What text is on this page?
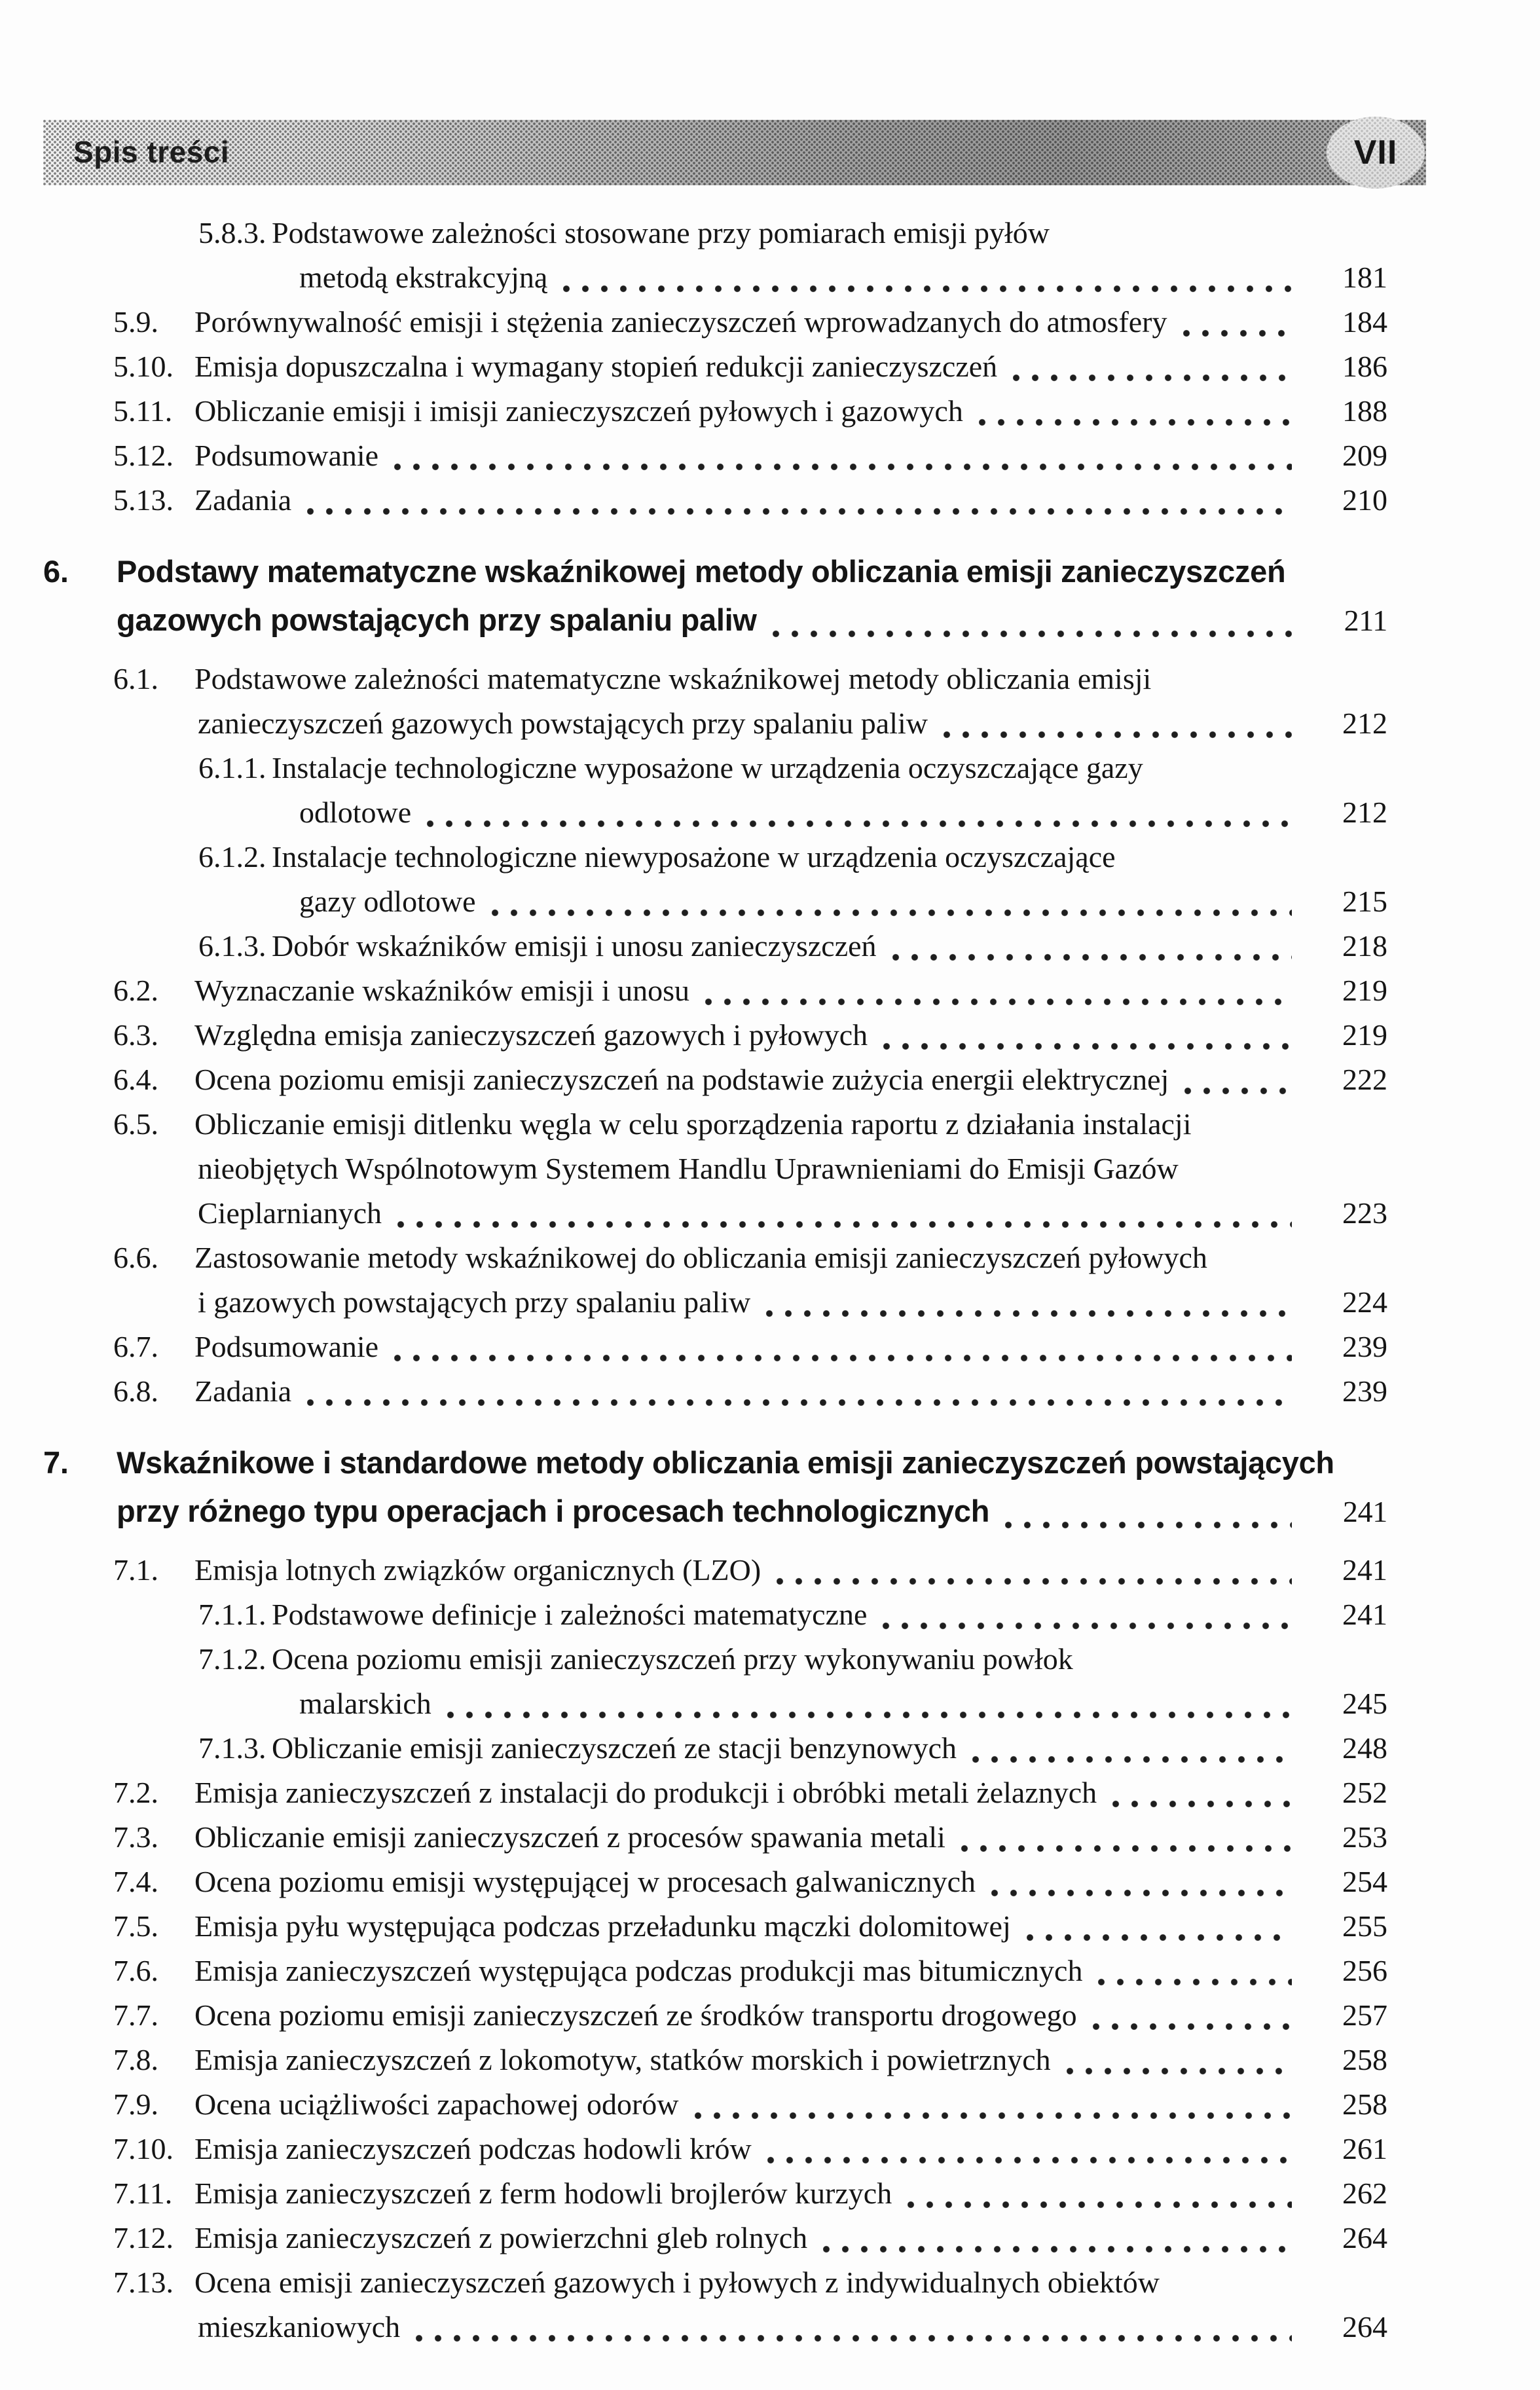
Spis treści	VII
5.8.3. Podstawowe zależności stosowane przy pomiarach emisji pyłów
metodą ekstrakcyjną	181
5.9.	Porównywalność emisji i stężenia zanieczyszczeń wprowadzanych do atmosfery	184
5.10. Emisja dopuszczalna i wymagany stopień redukcji zanieczyszczeń	186
5.11. Obliczanie emisji i imisji zanieczyszczeń pyłowych i gazowych	188
5.12. Podsumowanie	209
5.13. Zadania	210
6.	Podstawy matematyczne wskaźnikowej metody obliczania emisji zanieczyszczeń
gazowych powstających przy spalaniu paliw	211
6.1.	Podstawowe zależności matematyczne wskaźnikowej metody obliczania emisji
zanieczyszczeń gazowych powstających przy spalaniu paliw	212
6.1.1. Instalacje technologiczne wyposażone w urządzenia oczyszczające gazy
odlotowe	212
6.1.2. Instalacje technologiczne niewyposażone w urządzenia oczyszczające
gazy odlotowe	215
6.1.3. Dobór wskaźników emisji i unosu zanieczyszczeń	218
6.2.	Wyznaczanie wskaźników emisji i unosu	219
6.3.	Względna emisja zanieczyszczeń gazowych i pyłowych	219
6.4.	Ocena poziomu emisji zanieczyszczeń na podstawie zużycia energii elektrycznej	222
6.5.	Obliczanie emisji ditlenku węgla w celu sporządzenia raportu z działania instalacji
nieobjętych Wspólnotowym Systemem Handlu Uprawnieniami do Emisji Gazów
Cieplarnianych	223
6.6.	Zastosowanie metody wskaźnikowej do obliczania emisji zanieczyszczeń pyłowych
i gazowych powstających przy spalaniu paliw	224
6.7.	Podsumowanie	239
6.8.	Zadania	239
7.	Wskaźnikowe i standardowe metody obliczania emisji zanieczyszczeń powstających
przy różnego typu operacjach i procesach technologicznych	241
7.1.	Emisja lotnych związków organicznych (LZO)	241
7.1.1. Podstawowe definicje i zależności matematyczne	241
7.1.2. Ocena poziomu emisji zanieczyszczeń przy wykonywaniu powłok
malarskich	245
7.1.3. Obliczanie emisji zanieczyszczeń ze stacji benzynowych	248
7.2.	Emisja zanieczyszczeń z instalacji do produkcji i obróbki metali żelaznych	252
7.3.	Obliczanie emisji zanieczyszczeń z procesów spawania metali	253
7.4.	Ocena poziomu emisji występującej w procesach galwanicznych	254
7.5.	Emisja pyłu występująca podczas przeładunku mączki dolomitowej	255
7.6.	Emisja zanieczyszczeń występująca podczas produkcji mas bitumicznych	256
7.7.	Ocena poziomu emisji zanieczyszczeń ze środków transportu drogowego	257
7.8.	Emisja zanieczyszczeń z lokomotyw, statków morskich i powietrznych	258
7.9.	Ocena uciążliwości zapachowej odorów	258
7.10. Emisja zanieczyszczeń podczas hodowli krów	261
7.11. Emisja zanieczyszczeń z ferm hodowli brojlerów kurzych	262
7.12. Emisja zanieczyszczeń z powierzchni gleb rolnych	264
7.13. Ocena emisji zanieczyszczeń gazowych i pyłowych z indywidualnych obiektów
mieszkaniowych	264
